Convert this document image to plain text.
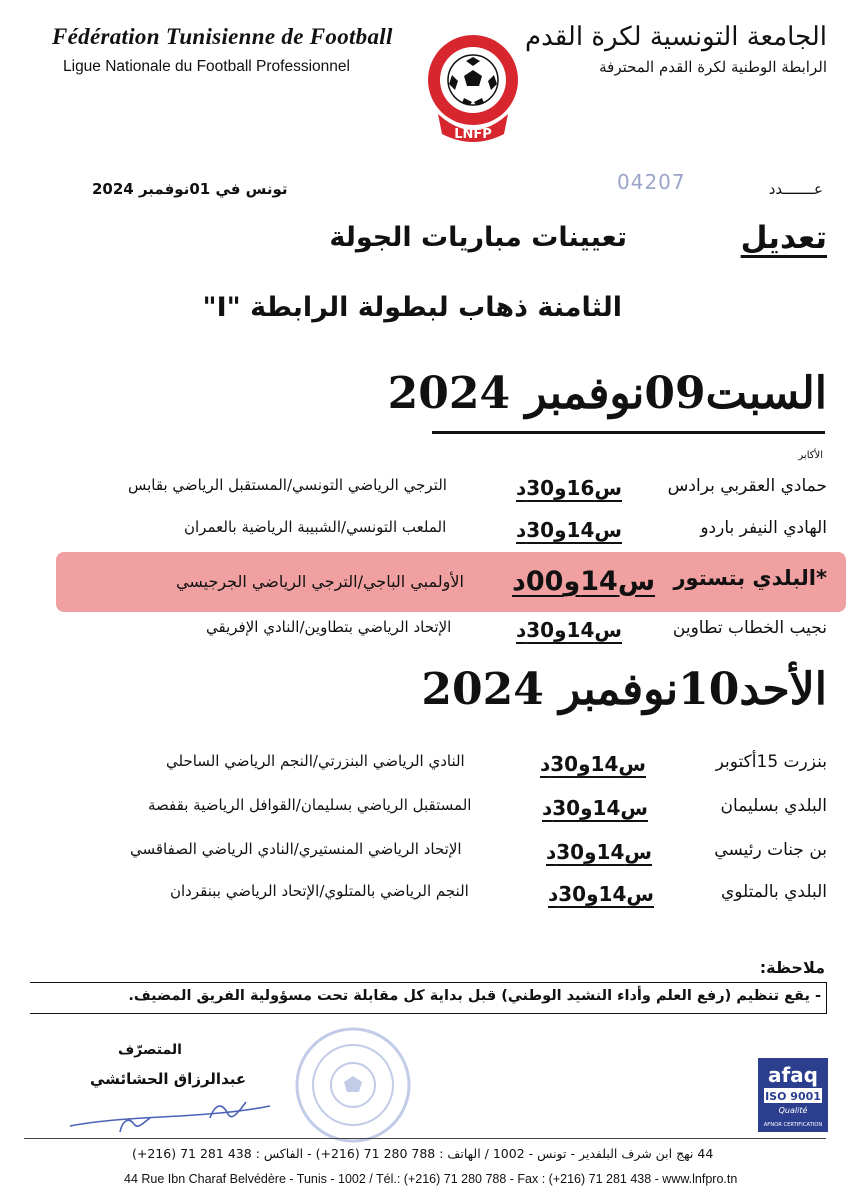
Fédération Tunisienne de Football
Ligue Nationale du Football Professionnel
الجامعة التونسية لكرة القدم
الرابطة الوطنية لكرة القدم المحترفة
LNFP
1994
عـــــــدد
04207
تونس في 01نوفمبر 2024
تعديل
تعيينات مباريات الجولة
الثامنة ذهاب لبطولة الرابطة "I"
السبت09نوفمبر 2024
الأكابر
حمادي العقربي برادس
س16و30د
الترجي الرياضي التونسي/المستقبل الرياضي بقابس
الهادي النيفر باردو
س14و30د
الملعب التونسي/الشبيبة الرياضية بالعمران
*البلدي بتستور
س14و00د
الأولمبي الباجي/الترجي الرياضي الجرجيسي
نجيب الخطاب تطاوين
س14و30د
الإتحاد الرياضي بتطاوين/النادي الإفريقي
الأحد10نوفمبر 2024
بنزرت 15أكتوبر
س14و30د
النادي الرياضي البنزرتي/النجم الرياضي الساحلي
البلدي بسليمان
س14و30د
المستقبل الرياضي بسليمان/القوافل الرياضية بقفصة
بن جنات رئيسي
س14و30د
الإتحاد الرياضي المنستيري/النادي الرياضي الصفاقسي
البلدي بالمتلوي
س14و30د
النجم الرياضي بالمتلوي/الإتحاد الرياضي ببنقردان
ملاحظة:
- يقع تنظيم (رفع العلم وأداء النشيد الوطني) قبل بداية كل مقابلة تحت مسؤولية الفريق المضيف.
المتصرّف
عبدالرزاق الحشائشي	afaq
ISO 9001
Qualité
AFNOR CERTIFICATION
44 نهج ابن شرف البلفدير - تونس - 1002 / الهاتف : 788 280 71 (216+) - الفاكس : 438 281 71 (216+)
44 Rue Ibn Charaf Belvédère - Tunis - 1002 / Tél.: (+216) 71 280 788 - Fax : (+216) 71 281 438 - www.lnfpro.tn
